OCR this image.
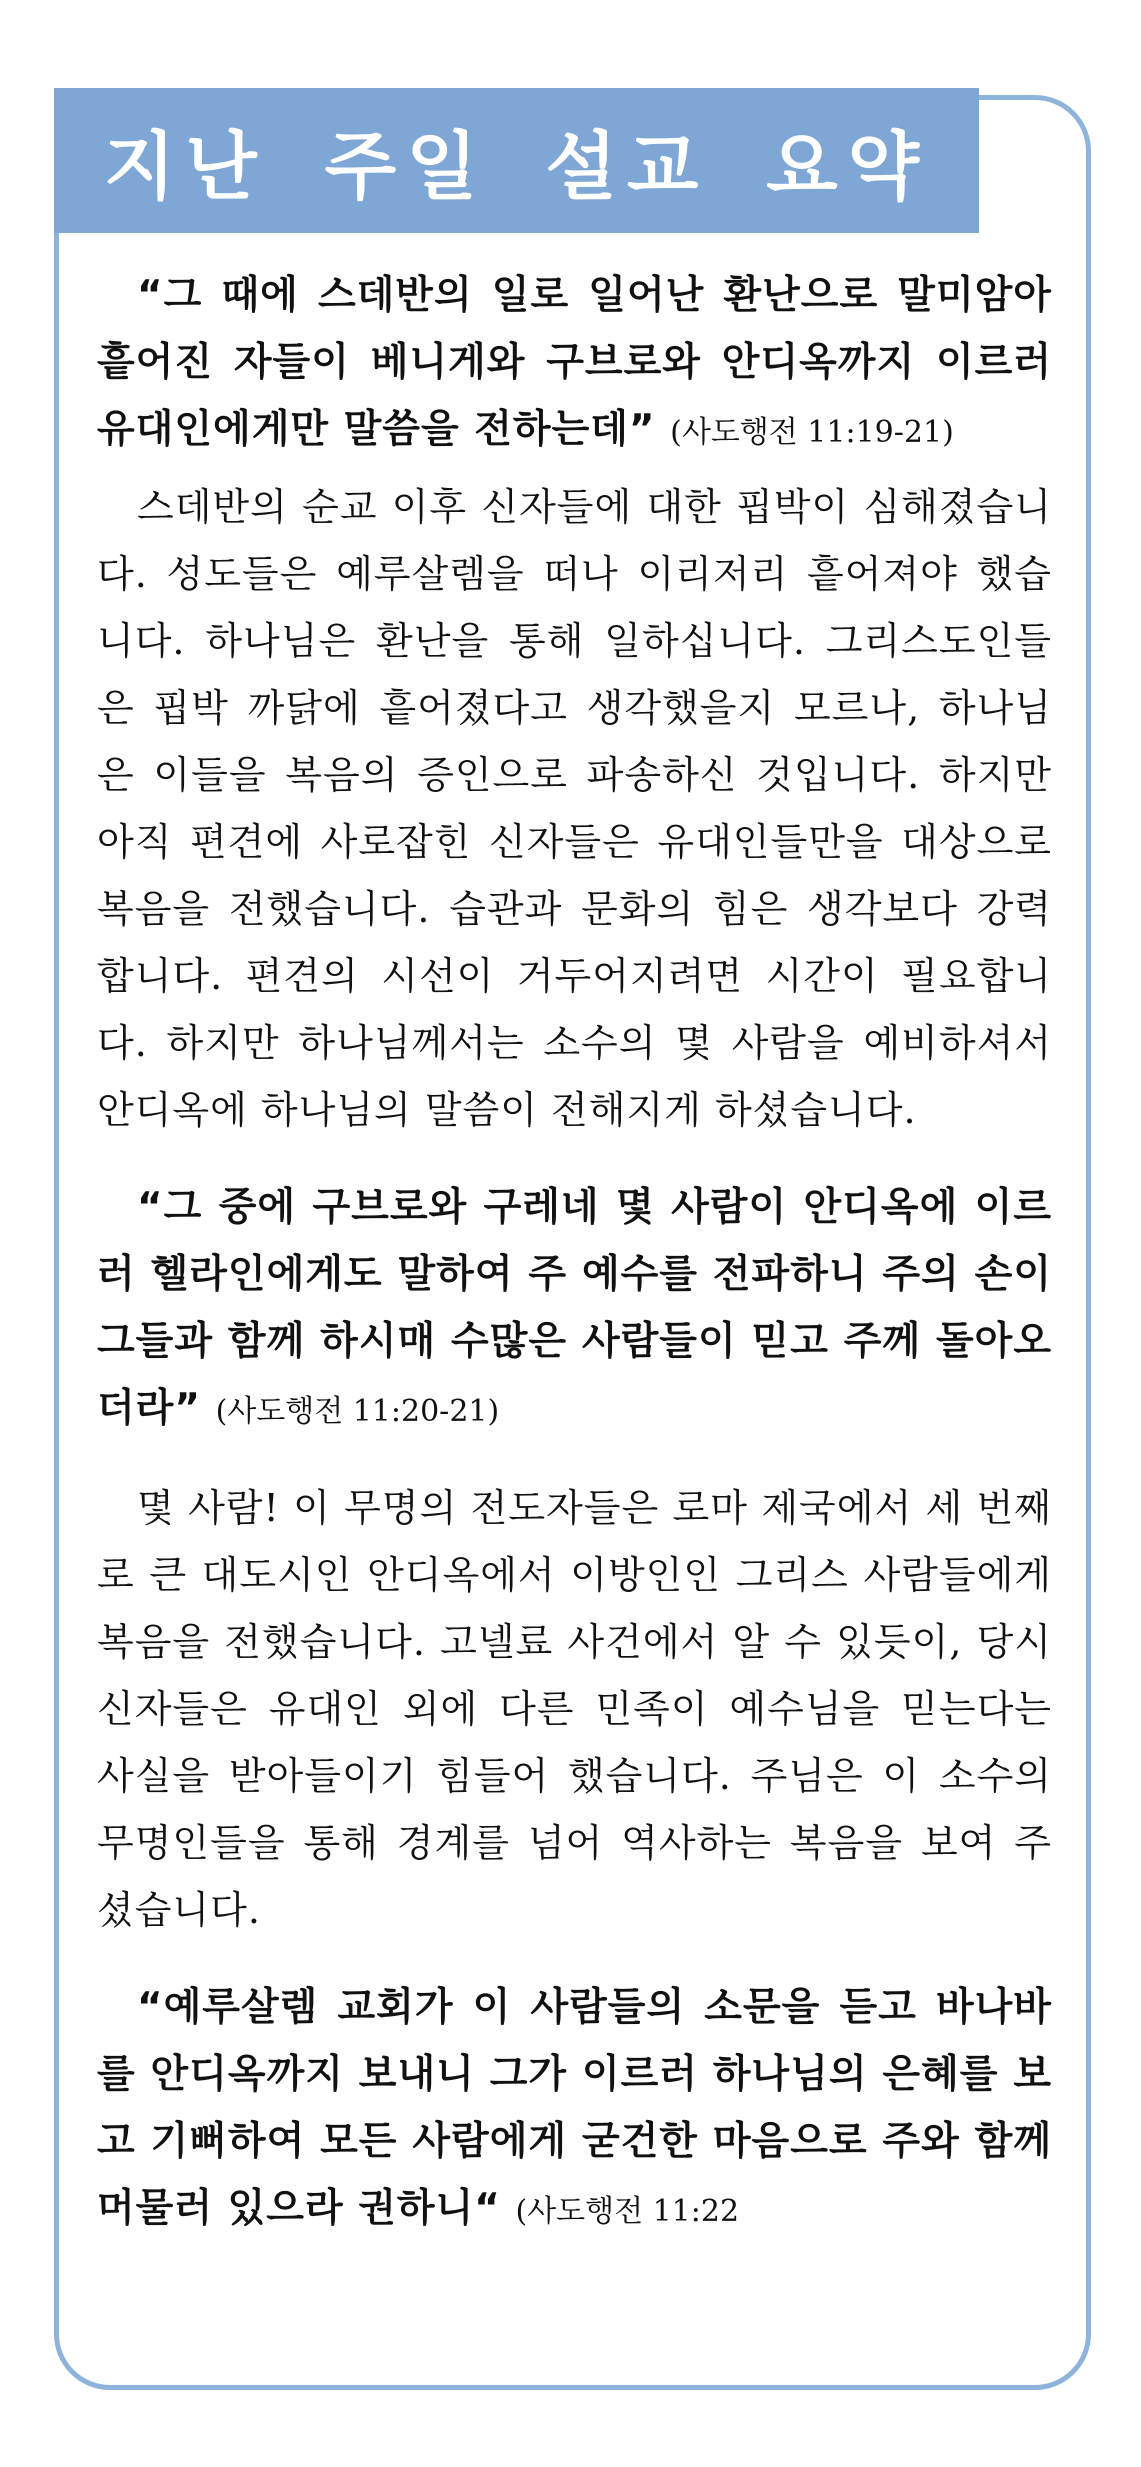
지난 주일 설교 요약

“그 때에 스데반의 일로 일어난 환난으로 말미암아 흩어진 자들이 베니게와 구브로와 안디옥까지 이르러 유대인에게만 말씀을 전하는데” (사도행전 11:19-21)

스데반의 순교 이후 신자들에 대한 핍박이 심해졌습니다. 성도들은 예루살렘을 떠나 이리저리 흩어져야 했습니다. 하나님은 환난을 통해 일하십니다. 그리스도인들은 핍박 까닭에 흩어졌다고 생각했을지 모르나, 하나님은 이들을 복음의 증인으로 파송하신 것입니다. 하지만 아직 편견에 사로잡힌 신자들은 유대인들만을 대상으로 복음을 전했습니다. 습관과 문화의 힘은 생각보다 강력합니다. 편견의 시선이 거두어지려면 시간이 필요합니다. 하지만 하나님께서는 소수의 몇 사람을 예비하셔서 안디옥에 하나님의 말씀이 전해지게 하셨습니다.

“그 중에 구브로와 구레네 몇 사람이 안디옥에 이르러 헬라인에게도 말하여 주 예수를 전파하니 주의 손이 그들과 함께 하시매 수많은 사람들이 믿고 주께 돌아오더라” (사도행전 11:20-21)

몇 사람! 이 무명의 전도자들은 로마 제국에서 세 번째로 큰 대도시인 안디옥에서 이방인인 그리스 사람들에게 복음을 전했습니다. 고넬료 사건에서 알 수 있듯이, 당시 신자들은 유대인 외에 다른 민족이 예수님을 믿는다는 사실을 받아들이기 힘들어 했습니다. 주님은 이 소수의 무명인들을 통해 경계를 넘어 역사하는 복음을 보여 주셨습니다.

“예루살렘 교회가 이 사람들의 소문을 듣고 바나바를 안디옥까지 보내니 그가 이르러 하나님의 은혜를 보고 기뻐하여 모든 사람에게 굳건한 마음으로 주와 함께 머물러 있으라 권하니“ (사도행전 11:22
